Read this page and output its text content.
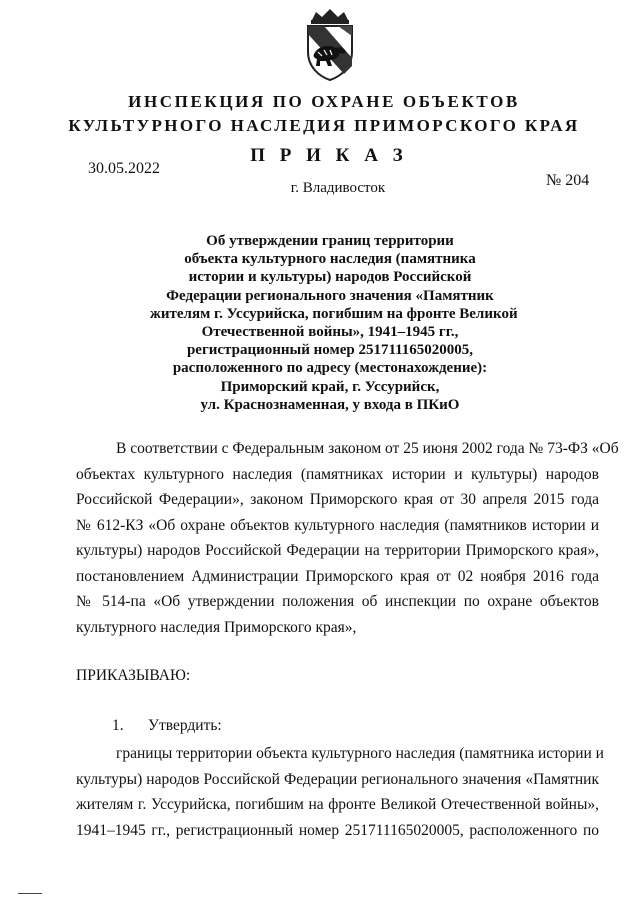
ИНСПЕКЦИЯ ПО ОХРАНЕ ОБЪЕКТОВ
КУЛЬТУРНОГО НАСЛЕДИЯ ПРИМОРСКОГО КРАЯ
П Р И К А З
30.05.2022
№ 204
г. Владивосток
Об утверждении границ территории
объекта культурного наследия (памятника
истории и культуры) народов Российской
Федерации регионального значения «Памятник
жителям г. Уссурийска, погибшим на фронте Великой
Отечественной войны», 1941–1945 гг.,
регистрационный номер 251711165020005,
расположенного по адресу (местонахождение):
Приморский край, г. Уссурийск,
ул. Краснознаменная, у входа в ПКиО
В соответствии с Федеральным законом от 25 июня 2002 года № 73-ФЗ «Об
объектах культурного наследия (памятниках истории и культуры) народов
Российской Федерации», законом Приморского края от 30 апреля 2015 года
№ 612-КЗ «Об охране объектов культурного наследия (памятников истории и
культуры) народов Российской Федерации на территории Приморского края»,
постановлением Администрации Приморского края от 02 ноября 2016 года
№ 514-па «Об утверждении положения об инспекции по охране объектов
культурного наследия Приморского края»,
ПРИКАЗЫВАЮ:
1. Утвердить:
границы территории объекта культурного наследия (памятника истории и
культуры) народов Российской Федерации регионального значения «Памятник
жителям г. Уссурийска, погибшим на фронте Великой Отечественной войны»,
1941–1945 гг., регистрационный номер 251711165020005, расположенного по
